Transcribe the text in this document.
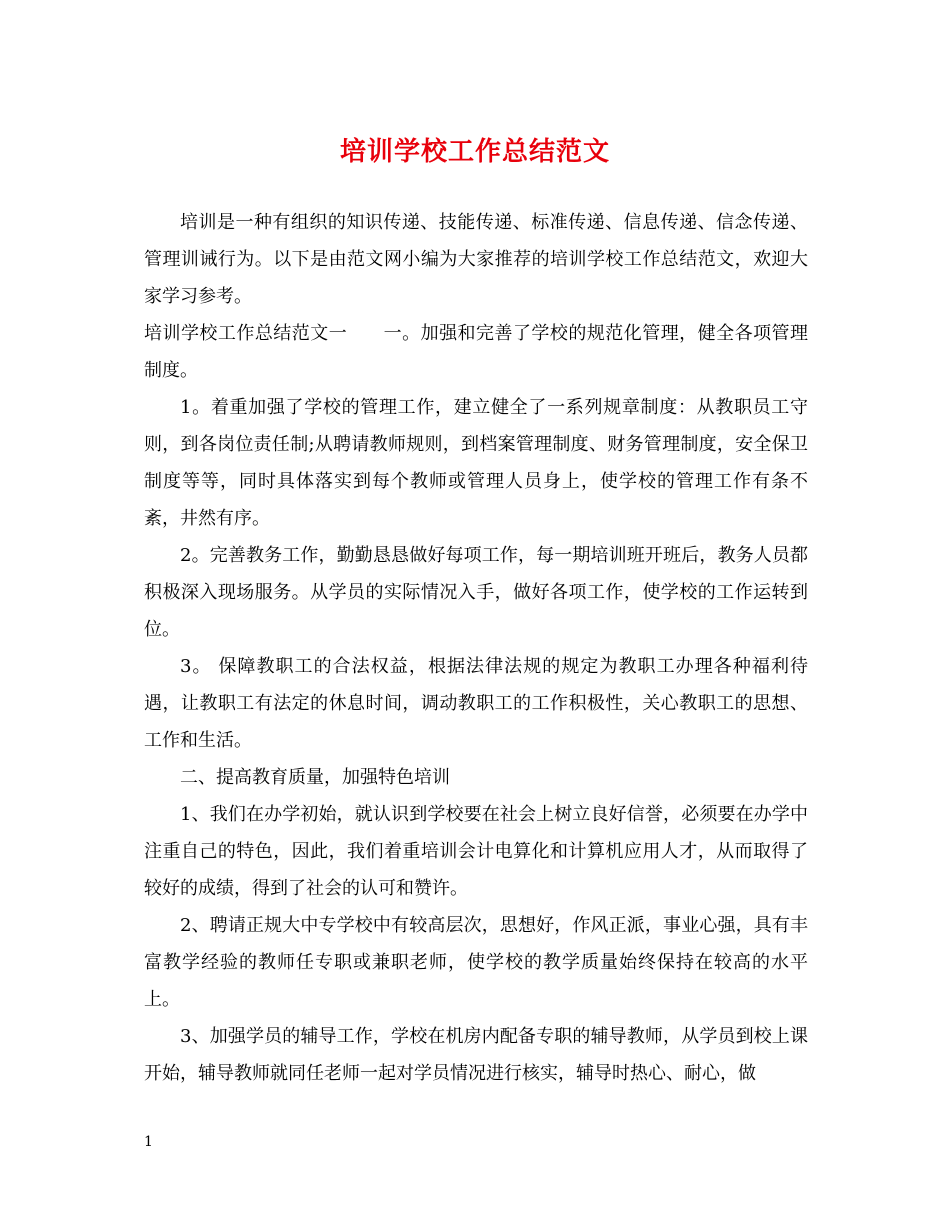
培训学校工作总结范文

培训是一种有组织的知识传递、技能传递、标准传递、信息传递、信念传递、管理训诫行为。以下是由范文网小编为大家推荐的培训学校工作总结范文，欢迎大家学习参考。

培训学校工作总结范文一 一。加强和完善了学校的规范化管理，健全各项管理制度。

1。着重加强了学校的管理工作，建立健全了一系列规章制度：从教职员工守则，到各岗位责任制;从聘请教师规则，到档案管理制度、财务管理制度，安全保卫制度等等，同时具体落实到每个教师或管理人员身上，使学校的管理工作有条不紊，井然有序。

2。完善教务工作，勤勤恳恳做好每项工作，每一期培训班开班后，教务人员都积极深入现场服务。从学员的实际情况入手，做好各项工作，使学校的工作运转到位。

3。 保障教职工的合法权益，根据法律法规的规定为教职工办理各种福利待遇，让教职工有法定的休息时间，调动教职工的工作积极性，关心教职工的思想、工作和生活。

二、提高教育质量，加强特色培训

1、我们在办学初始，就认识到学校要在社会上树立良好信誉，必须要在办学中注重自己的特色，因此，我们着重培训会计电算化和计算机应用人才，从而取得了较好的成绩，得到了社会的认可和赞许。

2、聘请正规大中专学校中有较高层次，思想好，作风正派，事业心强，具有丰富教学经验的教师任专职或兼职老师，使学校的教学质量始终保持在较高的水平上。

3、加强学员的辅导工作，学校在机房内配备专职的辅导教师，从学员到校上课开始，辅导教师就同任老师一起对学员情况进行核实，辅导时热心、耐心，做

1
